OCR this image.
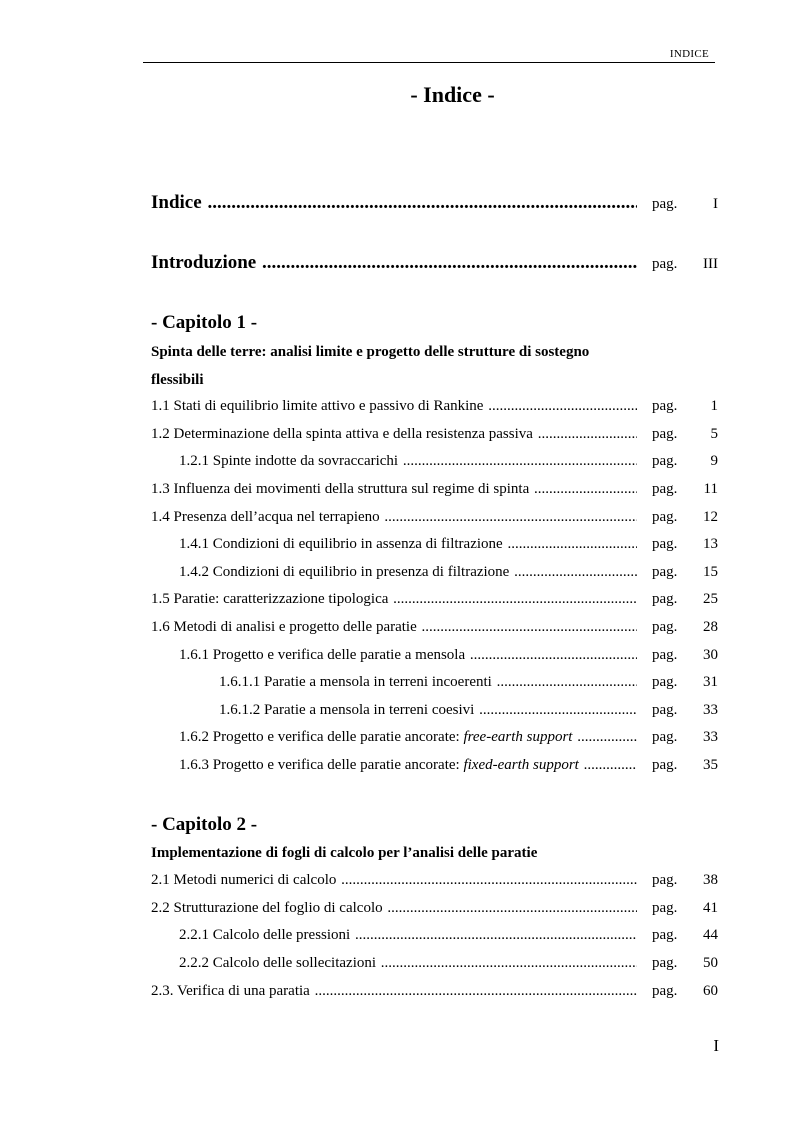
INDICE
- Indice -
Indice .....	pag. I
Introduzione .....	pag. III
- Capitolo 1 -
Spinta delle terre: analisi limite e progetto delle strutture di sostegno
flessibili
1.1 Stati di equilibrio limite attivo e passivo di Rankine .....	pag. 1
1.2 Determinazione della spinta attiva e della resistenza passiva .....	pag. 5
1.2.1 Spinte indotte da sovraccarichi .....	pag. 9
1.3 Influenza dei movimenti della struttura sul regime di spinta .....	pag. 11
1.4 Presenza dell’acqua nel terrapieno .....	pag. 12
1.4.1 Condizioni di equilibrio in assenza di filtrazione .....	pag. 13
1.4.2 Condizioni di equilibrio in presenza di filtrazione .....	pag. 15
1.5 Paratie: caratterizzazione tipologica .....	pag. 25
1.6 Metodi di analisi e progetto delle paratie .....	pag. 28
1.6.1 Progetto e verifica delle paratie a mensola .....	pag. 30
1.6.1.1 Paratie a mensola in terreni incoerenti .....	pag. 31
1.6.1.2 Paratie a mensola in terreni coesivi .....	pag. 33
1.6.2 Progetto e verifica delle paratie ancorate: free-earth support .....	pag. 33
1.6.3 Progetto e verifica delle paratie ancorate: fixed-earth support .....	pag. 35
- Capitolo 2 -
Implementazione di fogli di calcolo per l’analisi delle paratie
2.1 Metodi numerici di calcolo .....	pag. 38
2.2 Strutturazione del foglio di calcolo .....	pag. 41
2.2.1 Calcolo delle pressioni .....	pag. 44
2.2.2 Calcolo delle sollecitazioni .....	pag. 50
2.3. Verifica di una paratia .....	pag. 60
I
